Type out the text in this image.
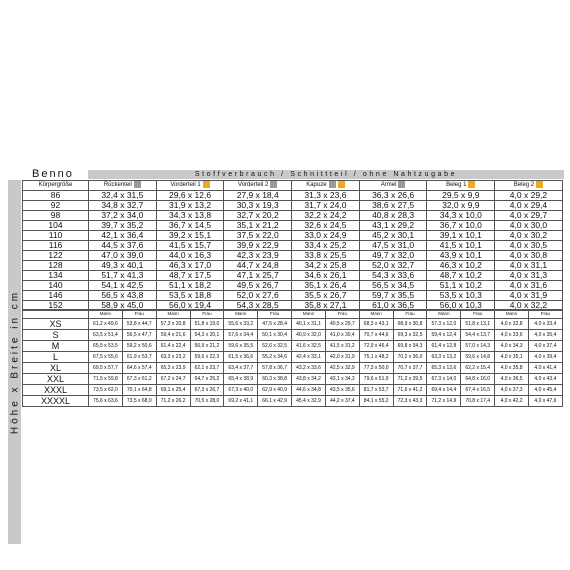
Benno	Stoffverbrauch / Schnittteil / ohne Nahtzugabe
Höhe x Breite in cm
Körpergröße	Rückenteil	Vorderteil 1	Vorderteil 2	Kapuze	Ärmel	Beleg 1	Beleg 2
86	32,4 x 31,5	29,6 x 12,6	27,9 x 18,4	31,3 x 23,6	36,3 x 26,6	29,5 x 9,9	4,0 x 29,2
92	34,8 x 32,7	31,9 x 13,2	30,3 x 19,3	31,7 x 24,0	38,6 x 27,5	32,0 x 9,9	4,0 x 29,4
98	37,2 x 34,0	34,3 x 13,8	32,7 x 20,2	32,2 x 24,2	40,8 x 28,3	34,3 x 10,0	4,0 x 29,7
104	39,7 x 35,2	36,7 x 14,5	35,1 x 21,2	32,6 x 24,5	43,1 x 29,2	36,7 x 10,0	4,0 x 30,0
110	42,1 x 36,4	39,2 x 15,1	37,5 x 22,0	33,0 x 24,9	45,2 x 30,1	39,1 x 10,1	4,0 x 30,2
116	44,5 x 37,6	41,5 x 15,7	39,9 x 22,9	33,4 x 25,2	47,5 x 31,0	41,5 x 10,1	4,0 x 30,5
122	47,0 x 39,0	44,0 x 16,3	42,3 x 23,9	33,8 x 25,5	49,7 x 32,0	43,9 x 10,1	4,0 x 30,8
128	49,3 x 40,1	46,3 x 17,0	44,7 x 24,8	34,2 x 25,8	52,0 x 32,7	46,3 x 10,2	4,0 x 31,1
134	51,7 x 41,3	48,7 x 17,5	47,1 x 25,7	34,6 x 26,1	54,3 x 33,6	48,7 x 10,2	4,0 x 31,3
140	54,1 x 42,5	51,1 x 18,2	49,5 x 26,7	35,1 x 26,4	56,5 x 34,5	51,1 x 10,2	4,0 x 31,6
146	56,5 x 43,8	53,5 x 18,8	52,0 x 27,6	35,5 x 26,7	59,7 x 35,5	53,5 x 10,3	4,0 x 31,9
152	58,9 x 45,0	56,0 x 19,4	54,3 x 28,5	35,8 x 27,1	61,0 x 36,5	56,0 x 10,3	4,0 x 32,2
	Mann	Frau	Mann	Frau	Mann	Frau	Mann	Frau	Mann	Frau	Mann	Frau	Mann	Frau
XS	61,2 x 49,6	53,8 x 44,7	57,3 x 20,8	51,8 x 19,0	55,6 x 33,2	47,5 x 28,4	40,1 x 31,1	40,5 x 29,7	68,3 x 43,1	68,9 x 30,8	57,3 x 12,0	51,8 x 13,1	4,0 x 32,8	4,0 x 33,4
S	63,5 x 51,4	56,5 x 47,7	59,4 x 21,6	54,3 x 20,1	57,6 x 34,4	50,1 x 30,4	40,9 x 32,0	41,0 x 30,4	70,7 x 44,6	69,3 x 32,5	59,4 x 12,4	54,4 x 13,7	4,0 x 33,6	4,0 x 35,4
M	65,5 x 53,5	59,2 x 50,6	61,4 x 22,4	56,9 x 21,2	59,6 x 35,5	52,6 x 32,5	41,6 x 32,5	41,5 x 31,2	72,9 x 46,4	69,8 x 34,3	61,4 x 12,8	57,0 x 14,3	4,0 x 34,3	4,0 x 37,4
L	67,5 x 55,6	61,9 x 53,7	63,3 x 23,2	59,6 x 22,3	61,5 x 36,6	55,2 x 34,6	42,4 x 33,1	42,0 x 31,9	75,1 x 48,2	70,2 x 36,0	63,3 x 13,2	59,6 x 14,8	4,0 x 35,1	4,0 x 39,4
XL	69,5 x 57,7	64,6 x 57,4	65,3 x 23,9	62,1 x 23,7	63,4 x 37,7	57,8 x 36,7	43,2 x 33,6	42,5 x 32,9	77,3 x 50,0	70,7 x 37,7	65,3 x 13,6	62,2 x 15,4	4,0 x 35,8	4,0 x 41,4
XXL	71,5 x 59,8	67,3 x 61,2	67,2 x 24,7	64,7 x 25,2	65,4 x 38,9	60,3 x 38,8	43,8 x 34,2	43,1 x 34,3	79,6 x 51,9	71,2 x 39,5	67,3 x 14,0	64,8 x 16,0	4,0 x 36,5	4,0 x 43,4
XXXL	73,5 x 62,0	70,1 x 64,8	69,1 x 25,4	67,3 x 26,7	67,3 x 40,0	62,9 x 40,9	44,6 x 34,8	43,5 x 35,6	81,7 x 53,7	71,6 x 41,2	69,4 x 14,4	67,4 x 16,5	4,0 x 37,3	4,0 x 45,4
XXXXL	75,6 x 63,6	73,5 x 68,0	71,2 x 26,2	70,5 x 28,0	69,2 x 41,1	66,1 x 42,9	45,4 x 32,9	44,2 x 37,4	84,1 x 55,2	72,3 x 43,3	71,2 x 14,9	70,8 x 17,4	4,0 x 42,2	4,0 x 47,6
